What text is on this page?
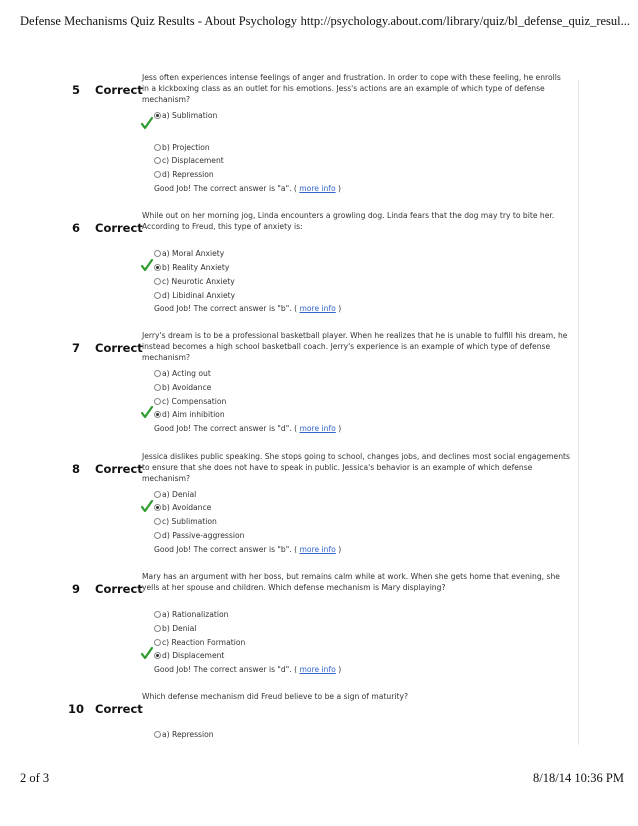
Defense Mechanisms Quiz Results - About Psychology http://psychology.about.com/library/quiz/bl_defense_quiz_resul...
5	Correct
Jess often experiences intense feelings of anger and frustration. In order to cope with these feeling, he enrolls in a kickboxing class as an outlet for his emotions. Jess's actions are an example of which type of defense mechanism?
a) Sublimation
b) Projection
c) Displacement
d) Repression
Good Job! The correct answer is "a". ( more info )
6	Correct
While out on her morning jog, Linda encounters a growling dog. Linda fears that the dog may try to bite her. According to Freud, this type of anxiety is:
a) Moral Anxiety
b) Reality Anxiety
c) Neurotic Anxiety
d) Libidinal Anxiety
Good Job! The correct answer is "b". ( more info )
7	Correct
Jerry's dream is to be a professional basketball player. When he realizes that he is unable to fulfill his dream, he instead becomes a high school basketball coach. Jerry's experience is an example of which type of defense mechanism?
a) Acting out
b) Avoidance
c) Compensation
d) Aim inhibition
Good Job! The correct answer is "d". ( more info )
8	Correct
Jessica dislikes public speaking. She stops going to school, changes jobs, and declines most social engagements to ensure that she does not have to speak in public. Jessica's behavior is an example of which defense mechanism?
a) Denial
b) Avoidance
c) Sublimation
d) Passive-aggression
Good Job! The correct answer is "b". ( more info )
9	Correct
Mary has an argument with her boss, but remains calm while at work. When she gets home that evening, she yells at her spouse and children. Which defense mechanism is Mary displaying?
a) Rationalization
b) Denial
c) Reaction Formation
d) Displacement
Good Job! The correct answer is "d". ( more info )
10 Correct
Which defense mechanism did Freud believe to be a sign of maturity?
a) Repression
2 of 3	8/18/14 10:36 PM
